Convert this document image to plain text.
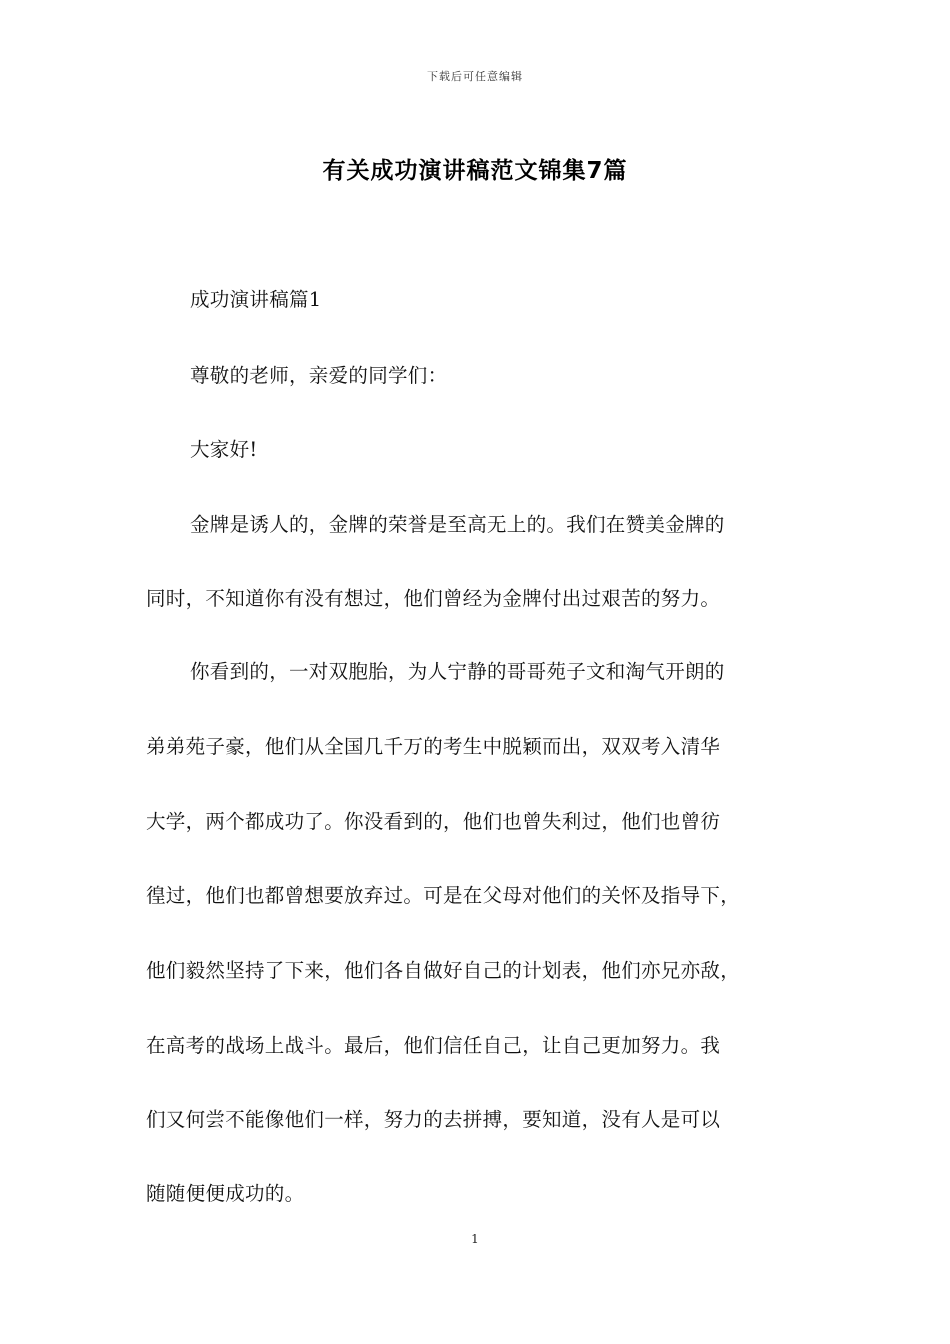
下载后可任意编辑
有关成功演讲稿范文锦集7篇
成功演讲稿篇1
尊敬的老师，亲爱的同学们：
大家好!
金牌是诱人的，金牌的荣誉是至高无上的。我们在赞美金牌的
同时，不知道你有没有想过，他们曾经为金牌付出过艰苦的努力。
你看到的，一对双胞胎，为人宁静的哥哥苑子文和淘气开朗的
弟弟苑子豪，他们从全国几千万的考生中脱颖而出，双双考入清华
大学，两个都成功了。你没看到的，他们也曾失利过，他们也曾彷
徨过，他们也都曾想要放弃过。可是在父母对他们的关怀及指导下，
他们毅然坚持了下来，他们各自做好自己的计划表，他们亦兄亦敌，
在高考的战场上战斗。最后，他们信任自己，让自己更加努力。我
们又何尝不能像他们一样，努力的去拼搏，要知道，没有人是可以
随随便便成功的。
1
